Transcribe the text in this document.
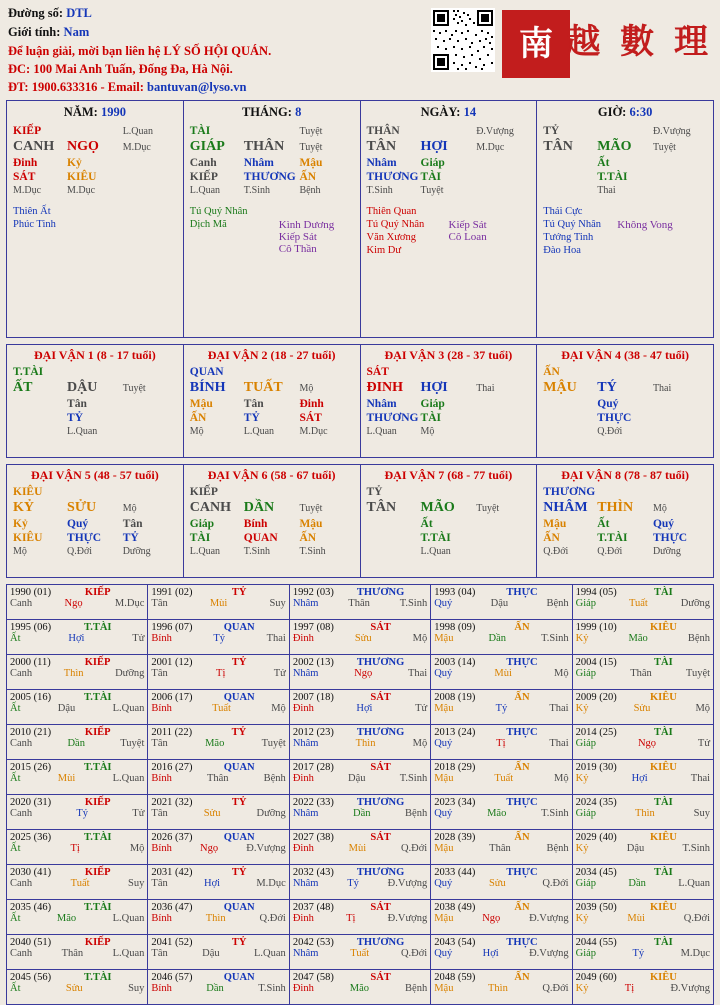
Đường số: DTL
Giới tính: Nam
Để luận giải, mời bạn liên hệ LÝ SỐ HỘI QUÁN.
ĐC: 100 Mai Anh Tuấn, Đống Đa, Hà Nội.
ĐT: 1900.633316 - Email: bantuvan@lyso.vn
南 越 數 理
NĂM: 1990
KIẾP	L.Quan
CANH NGỌ	M.Dục
Đinh	Kỷ
SÁT	KIÊU
M.Dục	M.Dục
Thiên Ất
Phúc Tinh
THÁNG: 8
TÀI	Tuyệt
GIÁP	THÂN	Tuyệt
Canh	Nhâm	Mậu
KIẾP	THƯƠNG ẤN
L.Quan	T.Sinh	Bệnh
Tú Quý Nhân
Dịch Mã	Kình Dương
Kiếp Sát
Cô Thần
NGÀY: 14
THÂN	Đ.Vượng
TÂN	HỢI	M.Dục
Nhâm	Giáp
THƯƠNG TÀI
T.Sinh	Tuyệt
Thiên Quan
Tú Quý Nhân
Văn Xương
Kim Dư
Kiếp Sát
Cô Loan
GIỜ: 6:30
TỶ	Đ.Vượng
TÂN	MÃO	Tuyệt
Ất
T.TÀI
Thai
Thái Cực
Tú Quý Nhân
Tướng Tinh
Đào Hoa
Không Vong
ĐẠI VẬN 1 (8 - 17 tuổi)
T.TÀI
ẤT	DẬU	Tuyệt
Tân
TỶ
L.Quan
ĐẠI VẬN 2 (18 - 27 tuổi)
QUAN
BÍNH	TUẤT	Mộ
Mậu	Tân	Đinh
ẤN	TỶ	SÁT
Mộ	L.Quan	M.Dục
ĐẠI VẬN 3 (28 - 37 tuổi)
SÁT
ĐINH	HỢI	Thai
Nhâm	Giáp
THƯƠNG TÀI
L.Quan	Mộ
ĐẠI VẬN 4 (38 - 47 tuổi)
ẤN
MẬU	TÝ	Thai
Quý
THỰC
Q.Đới
ĐẠI VẬN 5 (48 - 57 tuổi)
KIÊU
KỶ	SỬU	Mộ
Kỷ	Quý	Tân
KIÊU	THỰC	TỶ
Mộ	Q.Đới	Dưỡng
ĐẠI VẬN 6 (58 - 67 tuổi)
KIẾP
CANH DẦN	Tuyệt
Giáp	Bính	Mậu
TÀI	QUAN	ẤN
L.Quan	T.Sinh	T.Sinh
ĐẠI VẬN 7 (68 - 77 tuổi)
TỶ
TÂN	MÃO	Tuyệt
Ất
T.TÀI
L.Quan
ĐẠI VẬN 8 (78 - 87 tuổi)
THƯƠNG
NHÂM THÌN	Mộ
Mậu	Ất	Quý
ẤN	T.TÀI	THỰC
Q.Đới	Q.Đới	Dưỡng
1990 (01)	KIẾP
Canh	Ngọ	M.Dục
1991 (02)	TỶ
Tân	Mùi	Suy
1992 (03) THƯƠNG
Nhâm	Thân	T.Sinh
1993 (04)	THỰC
Quý	Dậu	Bệnh
1994 (05)	TÀI
Giáp	Tuất	Dưỡng
1995 (06)	T.TÀI
Ất	Hợi	Tử
1996 (07)	QUAN
Bính	Tý	Thai
1997 (08)	SÁT
Đinh	Sửu	Mộ
1998 (09)	ẤN
Mậu	Dần	T.Sinh
1999 (10)	KIÊU
Kỷ	Mão	Bệnh
2000 (11)	KIẾP
Canh	Thìn	Dưỡng
2001 (12)	TỶ
Tân	Tị	Tử
2002 (13) THƯƠNG
Nhâm	Ngọ	Thai
2003 (14)	THỰC
Quý	Mùi	Mộ
2004 (15)	TÀI
Giáp	Thân	Tuyệt
2005 (16)	T.TÀI
Ất	Dậu	L.Quan
2006 (17)	QUAN
Bính	Tuất	Mộ
2007 (18)	SÁT
Đinh	Hợi	Tử
2008 (19)	ẤN
Mậu	Tý	Thai
2009 (20)	KIÊU
Kỷ	Sửu	Mộ
2010 (21)	KIẾP
Canh	Dần	Tuyệt
2011 (22)	TỶ
Tân	Mão	Tuyệt
2012 (23) THƯƠNG
Nhâm	Thìn	Mộ
2013 (24)	THỰC
Quý	Tị	Thai
2014 (25)	TÀI
Giáp	Ngọ	Tử
2015 (26)	T.TÀI
Ất	Mùi	L.Quan
2016 (27)	QUAN
Bính	Thân	Bệnh
2017 (28)	SÁT
Đinh	Dậu	T.Sinh
2018 (29)	ẤN
Mậu	Tuất	Mộ
2019 (30)	KIÊU
Kỷ	Hợi	Thai
2020 (31)	KIẾP
Canh	Tý	Tử
2021 (32)	TỶ
Tân	Sửu	Dưỡng
2022 (33) THƯƠNG
Nhâm	Dần	Bệnh
2023 (34)	THỰC
Quý	Mão	T.Sinh
2024 (35)	TÀI
Giáp	Thìn	Suy
2025 (36)	T.TÀI
Ất	Tị	Mộ
2026 (37)	QUAN
Bính	Ngọ	Đ.Vượng
2027 (38)	SÁT
Đinh	Mùi	Q.Đới
2028 (39)	ẤN
Mậu	Thân	Bệnh
2029 (40)	KIÊU
Kỷ	Dậu	T.Sinh
2030 (41)	KIẾP
Canh	Tuất	Suy
2031 (42)	TỶ
Tân	Hợi	M.Dục
2032 (43) THƯƠNG
Nhâm	Tý	Đ.Vượng
2033 (44)	THỰC
Quý	Sửu	Q.Đới
2034 (45)	TÀI
Giáp	Dần	L.Quan
2035 (46)	T.TÀI
Ất	Mão	L.Quan
2036 (47)	QUAN
Bính	Thìn	Q.Đới
2037 (48)	SÁT
Đinh	Tị	Đ.Vượng
2038 (49)	ẤN
Mậu	Ngọ	Đ.Vượng
2039 (50)	KIÊU
Kỷ	Mùi	Q.Đới
2040 (51)	KIẾP
Canh	Thân	L.Quan
2041 (52)	TỶ
Tân	Dậu	L.Quan
2042 (53) THƯƠNG
Nhâm	Tuất	Q.Đới
2043 (54)	THỰC
Quý	Hợi	Đ.Vượng
2044 (55)	TÀI
Giáp	Tý	M.Dục
2045 (56)	T.TÀI
Ất	Sửu	Suy
2046 (57)	QUAN
Bính	Dần	T.Sinh
2047 (58)	SÁT
Đinh	Mão	Bệnh
2048 (59)	ẤN
Mậu	Thìn	Q.Đới
2049 (60)	KIÊU
Kỷ	Tị	Đ.Vượng
